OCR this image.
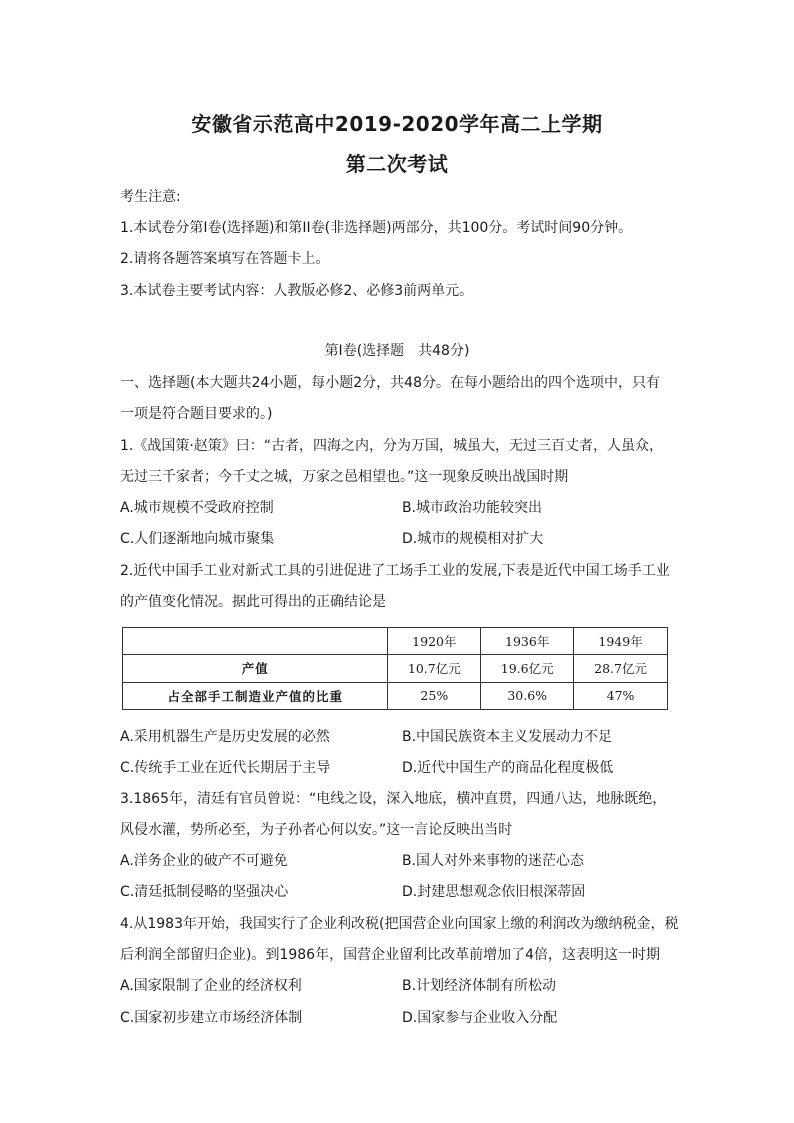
安徽省示范高中2019-2020学年高二上学期
第二次考试
考生注意:
1.本试卷分第I卷(选择题)和第II卷(非选择题)两部分，共100分。考试时间90分钟。
2.请将各题答案填写在答题卡上。
3.本试卷主要考试内容：人教版必修2、必修3前两单元。
第I卷(选择题　共48分)
一、选择题(本大题共24小题，每小题2分，共48分。在每小题给出的四个选项中，只有
一项是符合题目要求的。)
1.《战国策·赵策》曰：“古者，四海之内，分为万国，城虽大，无过三百丈者，人虽众，
无过三千家者；今千丈之城，万家之邑相望也。”这一现象反映出战国时期
A.城市规模不受政府控制	B.城市政治功能较突出
C.人们逐渐地向城市聚集	D.城市的规模相对扩大
2.近代中国手工业对新式工具的引进促进了工场手工业的发展,下表是近代中国工场手工业
的产值变化情况。据此可得出的正确结论是
	1920年	1936年	1949年
产值	10.7亿元	19.6亿元	28.7亿元
占全部手工制造业产值的比重	25%	30.6%	47%
A.采用机器生产是历史发展的必然	B.中国民族资本主义发展动力不足
C.传统手工业在近代长期居于主导	D.近代中国生产的商品化程度极低
3.1865年，清廷有官员曾说：“电线之设，深入地底，横冲直贯，四通八达，地脉既绝，
风侵水灌，势所必至，为子孙者心何以安。”这一言论反映出当时
A.洋务企业的破产不可避免	B.国人对外来事物的迷茫心态
C.清廷抵制侵略的坚强决心	D.封建思想观念依旧根深蒂固
4.从1983年开始，我国实行了企业利改税(把国营企业向国家上缴的利润改为缴纳税金，税
后利润全部留归企业)。到1986年，国营企业留利比改革前增加了4倍，这表明这一时期
A.国家限制了企业的经济权利	B.计划经济体制有所松动
C.国家初步建立市场经济体制	D.国家参与企业收入分配
